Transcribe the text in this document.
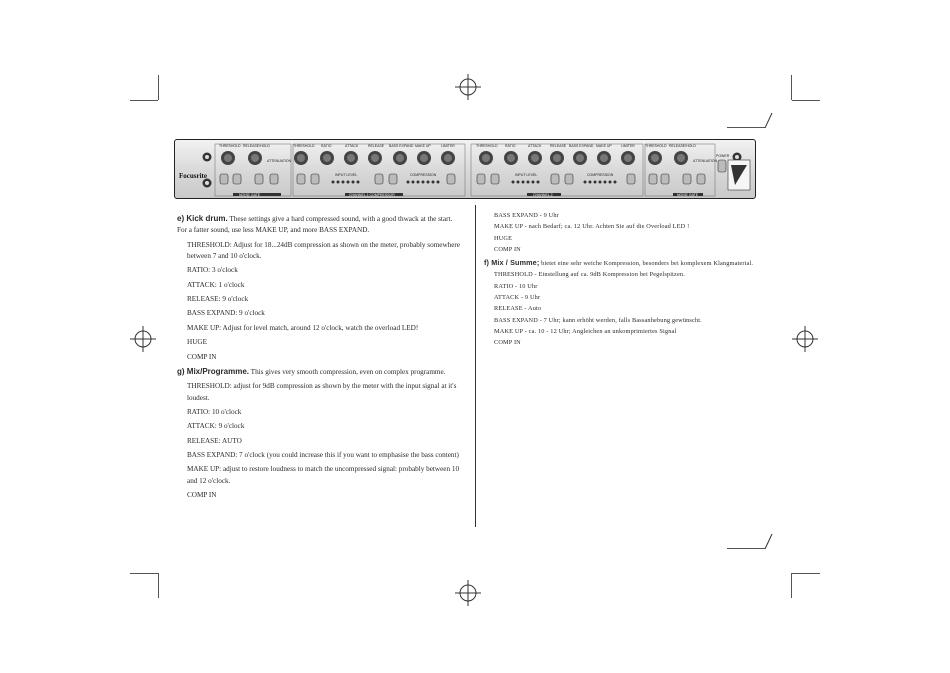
THRESHOLD RELEASE/HOLD
ATTENUATION
NOISE GATE
Focusrite
THRESHOLD RATIO	ATTACK	RELEASE BASS EXPAND MAKE UP	LIMITER
INPUT LEVEL	COMPRESSION
CHANNEL 1 COMPRESSOR
THRESHOLD RATIO	ATTACK RELEASE BASS EXPAND MAKE UP	LIMITER
INPUT LEVEL	COMPRESSION
CHANNEL 2
THRESHOLD RELEASE/HOLD
ATTENUATION
NOISE GATE
POWER

e) Kick drum. These settings give a hard compressed sound, with a good thwack at the start. For a fatter sound, use less MAKE UP, and more BASS EXPAND.

THRESHOLD: Adjust for 18...24dB compression as shown on the meter, probably somewhere between 7 and 10 o'clock.

RATIO: 3 o'clock

ATTACK: 1 o'clock

RELEASE: 9 o'clock

BASS EXPAND: 9 o'clock

MAKE UP: Adjust for level match, around 12 o'clock, watch the overload LED!

HUGE

COMP IN

g) Mix/Programme. This gives very smooth compression, even on complex programme.

THRESHOLD: adjust for 9dB compression as shown by the meter with the input signal at it's loudest.

RATIO: 10 o'clock

ATTACK: 9 o'clock

RELEASE: AUTO

BASS EXPAND: 7 o'clock (you could increase this if you want to emphasise the bass content)

MAKE UP: adjust to restore loudness to match the uncompressed signal: probably between 10 and 12 o'clock.

COMP IN

BASS EXPAND - 9 Uhr

MAKE UP - nach Bedarf; ca. 12 Uhr. Achten Sie auf die Overload LED !

HUGE

COMP IN

f) Mix / Summe; bietet eine sehr weiche Kompression, besonders bei komplexem Klangmaterial.

THRESHOLD - Einstellung auf ca. 9dB Kompression bei Pegelspitzen.

RATIO - 10 Uhr

ATTACK - 9 Uhr

RELEASE - Auto

BASS EXPAND - 7 Uhr; kann erhöht werden, falls Bassanhebung gewünscht.

MAKE UP - ca. 10 - 12 Uhr; Angleichen an unkomprimiertes Signal

COMP IN
